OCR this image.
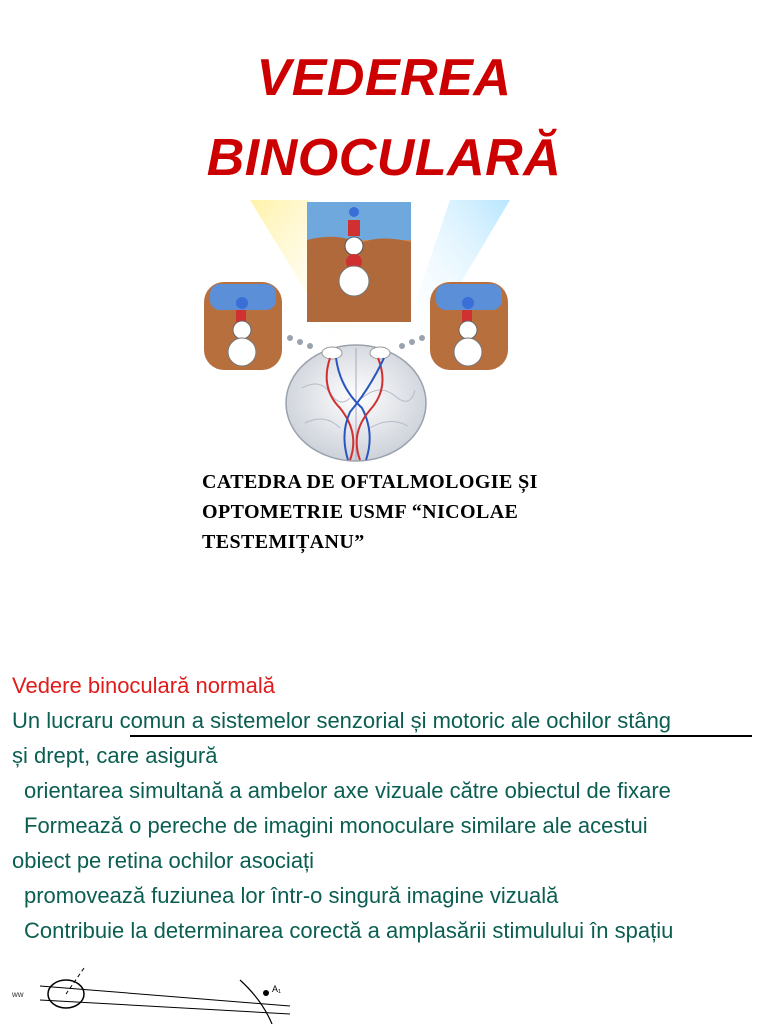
VEDEREA
BINOCULARĂ
CATEDRA DE OFTALMOLOGIE ȘI
OPTOMETRIE USMF “NICOLAE
TESTEMIȚANU”
Vedere binoculară normală
Un lucraru comun a sistemelor senzorial și motoric ale ochilor stâng
și drept, care asigură
orientarea simultană a ambelor axe vizuale către obiectul de fixare
Formează o pereche de imagini monoculare similare ale acestui
obiect pe retina ochilor asociați
promovează fuziunea lor într-o singură imagine vizuală
Contribuie la determinarea corectă a amplasării stimulului în spațiu
A₁
ww
